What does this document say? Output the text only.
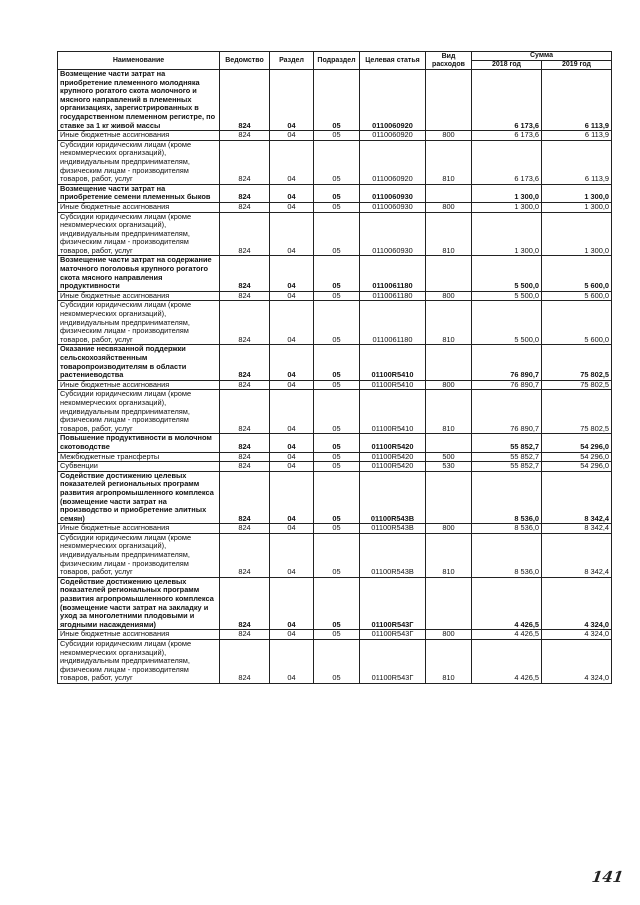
Наименование	Ведомство	Раздел	Подраздел	Целевая статья	Вид расходов	Сумма	
						2018 год	2019 год
Возмещение части затрат на приобретение племенного молодняка крупного рогатого скота молочного и мясного направлений в племенных организациях, зарегистрированных в государственном племенном регистре, по ставке за 1 кг живой массы	824	04	05	0110060920		6 173,6	6 113,9
Иные бюджетные ассигнования	824	04	05	0110060920	800	6 173,6	6 113,9
Субсидии юридическим лицам (кроме некоммерческих организаций), индивидуальным предпринимателям, физическим лицам - производителям товаров, работ, услуг	824	04	05	0110060920	810	6 173,6	6 113,9
Возмещение части затрат на приобретение семени племенных быков	824	04	05	0110060930		1 300,0	1 300,0
Иные бюджетные ассигнования	824	04	05	0110060930	800	1 300,0	1 300,0
Субсидии юридическим лицам (кроме некоммерческих организаций), индивидуальным предпринимателям, физическим лицам - производителям товаров, работ, услуг	824	04	05	0110060930	810	1 300,0	1 300,0
Возмещение части затрат на содержание маточного поголовья крупного рогатого скота мясного направления продуктивности	824	04	05	0110061180		5 500,0	5 600,0
Иные бюджетные ассигнования	824	04	05	0110061180	800	5 500,0	5 600,0
Субсидии юридическим лицам (кроме некоммерческих организаций), индивидуальным предпринимателям, физическим лицам - производителям товаров, работ, услуг	824	04	05	0110061180	810	5 500,0	5 600,0
Оказание несвязанной поддержки сельскохозяйственным товаропроизводителям в области растениеводства	824	04	05	01100R5410		76 890,7	75 802,5
Иные бюджетные ассигнования	824	04	05	01100R5410	800	76 890,7	75 802,5
Субсидии юридическим лицам (кроме некоммерческих организаций), индивидуальным предпринимателям, физическим лицам - производителям товаров, работ, услуг	824	04	05	01100R5410	810	76 890,7	75 802,5
Повышение продуктивности в молочном скотоводстве	824	04	05	01100R5420		55 852,7	54 296,0
Межбюджетные трансферты	824	04	05	01100R5420	500	55 852,7	54 296,0
Субвенции	824	04	05	01100R5420	530	55 852,7	54 296,0
Содействие достижению целевых показателей региональных программ развития агропромышленного комплекса (возмещение части затрат на производство и приобретение элитных семян)	824	04	05	01100R543В		8 536,0	8 342,4
Иные бюджетные ассигнования	824	04	05	01100R543В	800	8 536,0	8 342,4
Субсидии юридическим лицам (кроме некоммерческих организаций), индивидуальным предпринимателям, физическим лицам - производителям товаров, работ, услуг	824	04	05	01100R543В	810	8 536,0	8 342,4
Содействие достижению целевых показателей региональных программ развития агропромышленного комплекса (возмещение части затрат на закладку и уход за многолетними плодовыми и ягодными насаждениями)	824	04	05	01100R543Г		4 426,5	4 324,0
Иные бюджетные ассигнования	824	04	05	01100R543Г	800	4 426,5	4 324,0
Субсидии юридическим лицам (кроме некоммерческих организаций), индивидуальным предпринимателям, физическим лицам - производителям товаров, работ, услуг	824	04	05	01100R543Г	810	4 426,5	4 324,0
141
